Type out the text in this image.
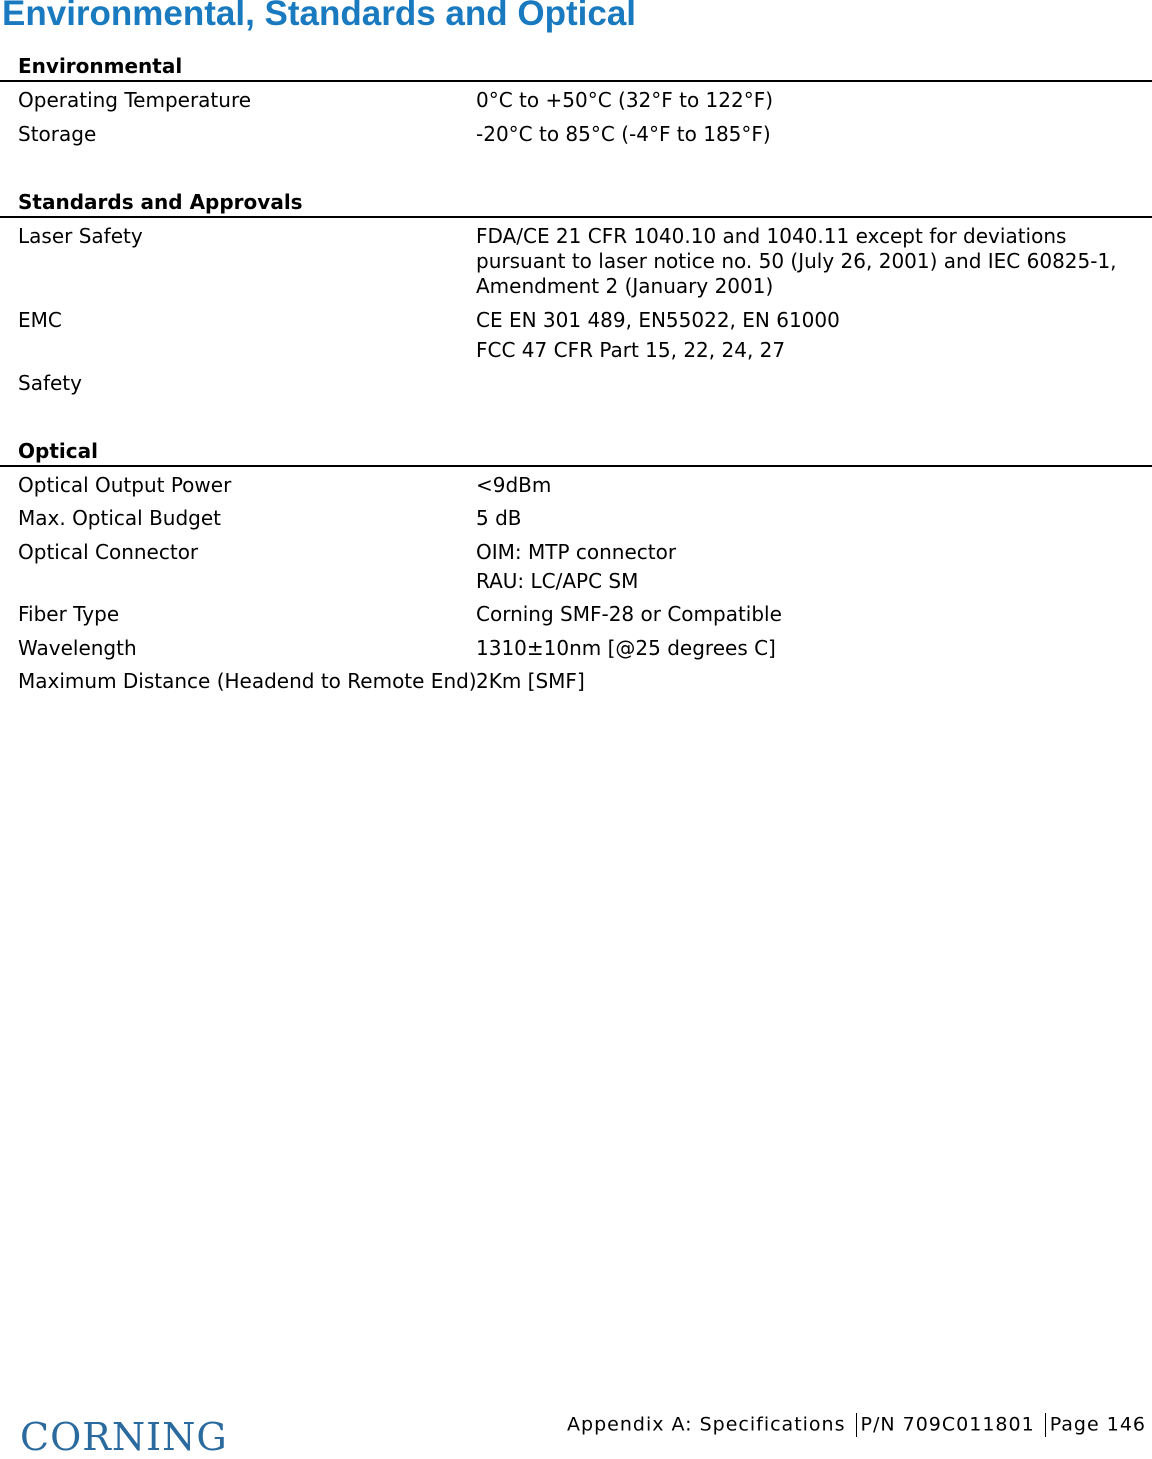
Environmental, Standards and Optical
Environmental
Operating Temperature	0°C to +50°C (32°F to 122°F)
Storage	-20°C to 85°C (-4°F to 185°F)
Standards and Approvals
Laser Safety	FDA/CE 21 CFR 1040.10 and 1040.11 except for deviations pursuant to laser notice no. 50 (July 26, 2001) and IEC 60825-1, Amendment 2 (January 2001)
EMC	CE EN 301 489, EN55022, EN 61000
FCC 47 CFR Part 15, 22, 24, 27
Safety
Optical
Optical Output Power	<9dBm
Max. Optical Budget	5 dB
Optical Connector	OIM: MTP connector
RAU: LC/APC SM
Fiber Type	Corning SMF-28 or Compatible
Wavelength	1310±10nm [@25 degrees C]
Maximum Distance (Headend to Remote End) 2Km [SMF]
CORNING	Appendix A: Specifications P/N 709C011801 Page 146
